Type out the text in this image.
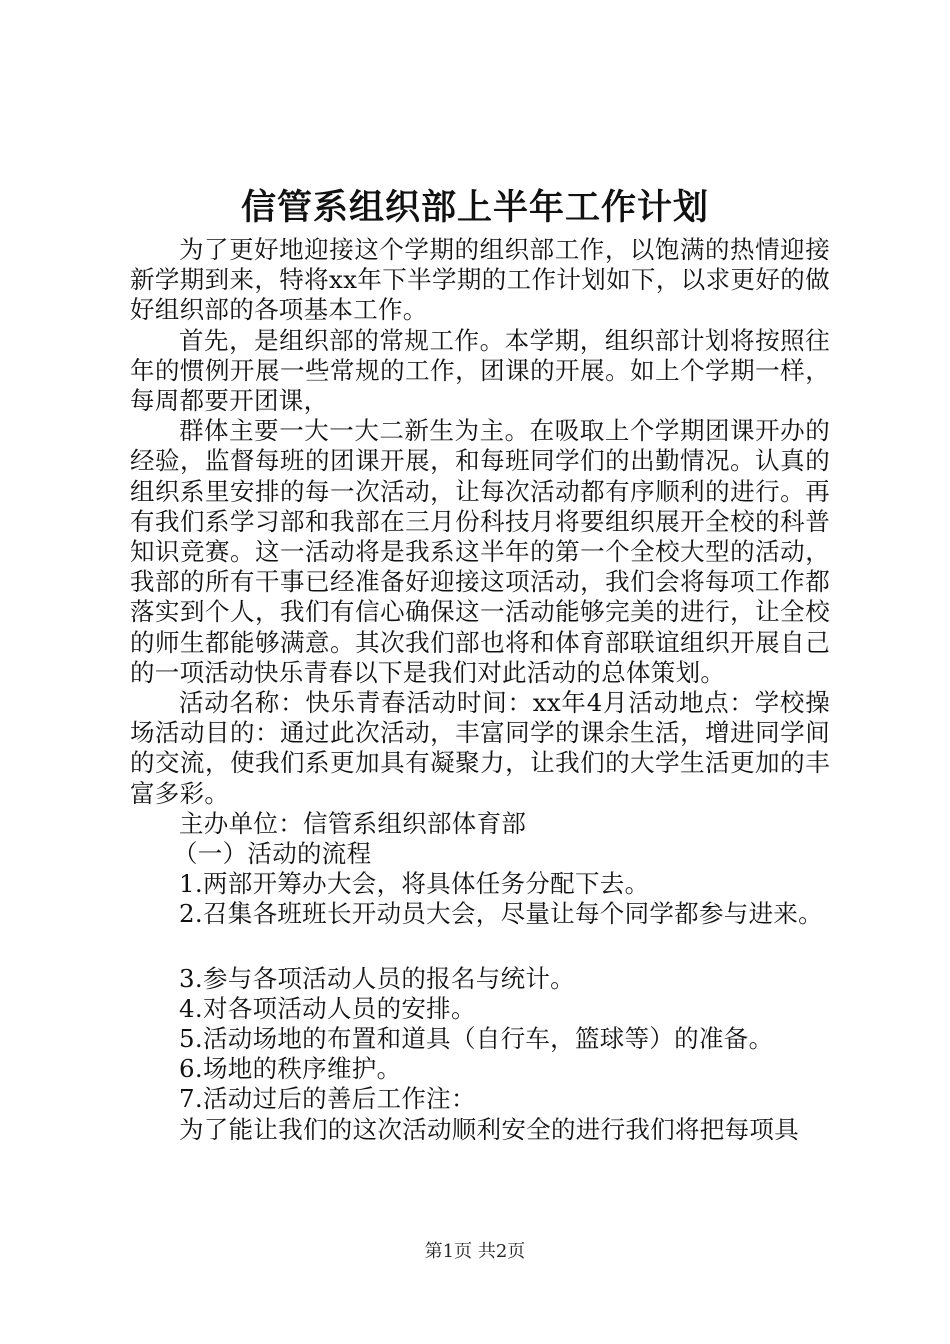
信管系组织部上半年工作计划

为了更好地迎接这个学期的组织部工作，以饱满的热情迎接新学期到来，特将xx年下半学期的工作计划如下，以求更好的做好组织部的各项基本工作。

首先，是组织部的常规工作。本学期，组织部计划将按照往年的惯例开展一些常规的工作，团课的开展。如上个学期一样，每周都要开团课，

群体主要一大一大二新生为主。在吸取上个学期团课开办的经验，监督每班的团课开展，和每班同学们的出勤情况。认真的组织系里安排的每一次活动，让每次活动都有序顺利的进行。再有我们系学习部和我部在三月份科技月将要组织展开全校的科普知识竞赛。这一活动将是我系这半年的第一个全校大型的活动，我部的所有干事已经准备好迎接这项活动，我们会将每项工作都落实到个人，我们有信心确保这一活动能够完美的进行，让全校的师生都能够满意。其次我们部也将和体育部联谊组织开展自己的一项活动快乐青春以下是我们对此活动的总体策划。

活动名称：快乐青春活动时间：xx年4月活动地点：学校操场活动目的：通过此次活动，丰富同学的课余生活，增进同学间的交流，使我们系更加具有凝聚力，让我们的大学生活更加的丰富多彩。

主办单位：信管系组织部体育部

（一）活动的流程

1.两部开筹办大会，将具体任务分配下去。

2.召集各班班长开动员大会，尽量让每个同学都参与进来。

3.参与各项活动人员的报名与统计。

4.对各项活动人员的安排。

5.活动场地的布置和道具（自行车，篮球等）的准备。

6.场地的秩序维护。

7.活动过后的善后工作注：

为了能让我们的这次活动顺利安全的进行我们将把每项具

第1页 共2页
